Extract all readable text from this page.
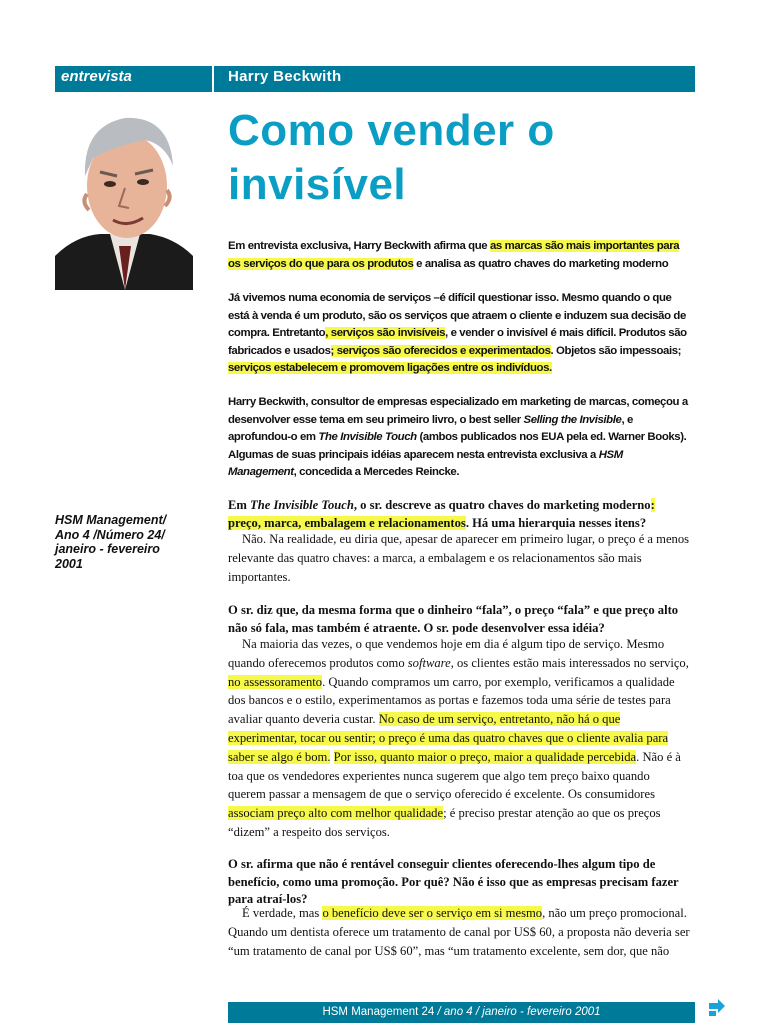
entrevista	Harry Beckwith
Como vender o invisível

Em entrevista exclusiva, Harry Beckwith afirma que as marcas são mais importantes para os serviços do que para os produtos e analisa as quatro chaves do marketing moderno

Já vivemos numa economia de serviços –é difícil questionar isso. Mesmo quando o que está à venda é um produto, são os serviços que atraem o cliente e induzem sua decisão de compra. Entretanto, serviços são invisíveis, e vender o invisível é mais difícil. Produtos são fabricados e usados; serviços são oferecidos e experimentados. Objetos são impessoais; serviços estabelecem e promovem ligações entre os indivíduos.

Harry Beckwith, consultor de empresas especializado em marketing de marcas, começou a desenvolver esse tema em seu primeiro livro, o best seller Selling the Invisible, e aprofundou-o em The Invisible Touch (ambos publicados nos EUA pela ed. Warner Books). Algumas de suas principais idéias aparecem nesta entrevista exclusiva a HSM Management, concedida a Mercedes Reincke.

HSM Management/
Ano 4 /Número 24/
janeiro - fevereiro
2001

Em The Invisible Touch, o sr. descreve as quatro chaves do marketing moderno: preço, marca, embalagem e relacionamentos. Há uma hierarquia nesses itens?

Não. Na realidade, eu diria que, apesar de aparecer em primeiro lugar, o preço é a menos relevante das quatro chaves: a marca, a embalagem e os relacionamentos são mais importantes.

O sr. diz que, da mesma forma que o dinheiro “fala”, o preço “fala” e que preço alto não só fala, mas também é atraente. O sr. pode desenvolver essa idéia?

Na maioria das vezes, o que vendemos hoje em dia é algum tipo de serviço. Mesmo quando oferecemos produtos como software, os clientes estão mais interessados no serviço, no assessoramento. Quando compramos um carro, por exemplo, verificamos a qualidade dos bancos e o estilo, experimentamos as portas e fazemos toda uma série de testes para avaliar quanto deveria custar. No caso de um serviço, entretanto, não há o que experimentar, tocar ou sentir; o preço é uma das quatro chaves que o cliente avalia para saber se algo é bom. Por isso, quanto maior o preço, maior a qualidade percebida. Não é à toa que os vendedores experientes nunca sugerem que algo tem preço baixo quando querem passar a mensagem de que o serviço oferecido é excelente. Os consumidores associam preço alto com melhor qualidade; é preciso prestar atenção ao que os preços “dizem” a respeito dos serviços.

O sr. afirma que não é rentável conseguir clientes oferecendo-lhes algum tipo de benefício, como uma promoção. Por quê? Não é isso que as empresas precisam fazer para atraí-los?

É verdade, mas o benefício deve ser o serviço em si mesmo, não um preço promocional. Quando um dentista oferece um tratamento de canal por US$ 60, a proposta não deveria ser “um tratamento de canal por US$ 60”, mas “um tratamento excelente, sem dor, que não

HSM Management 24 / ano 4 / janeiro - fevereiro 2001
